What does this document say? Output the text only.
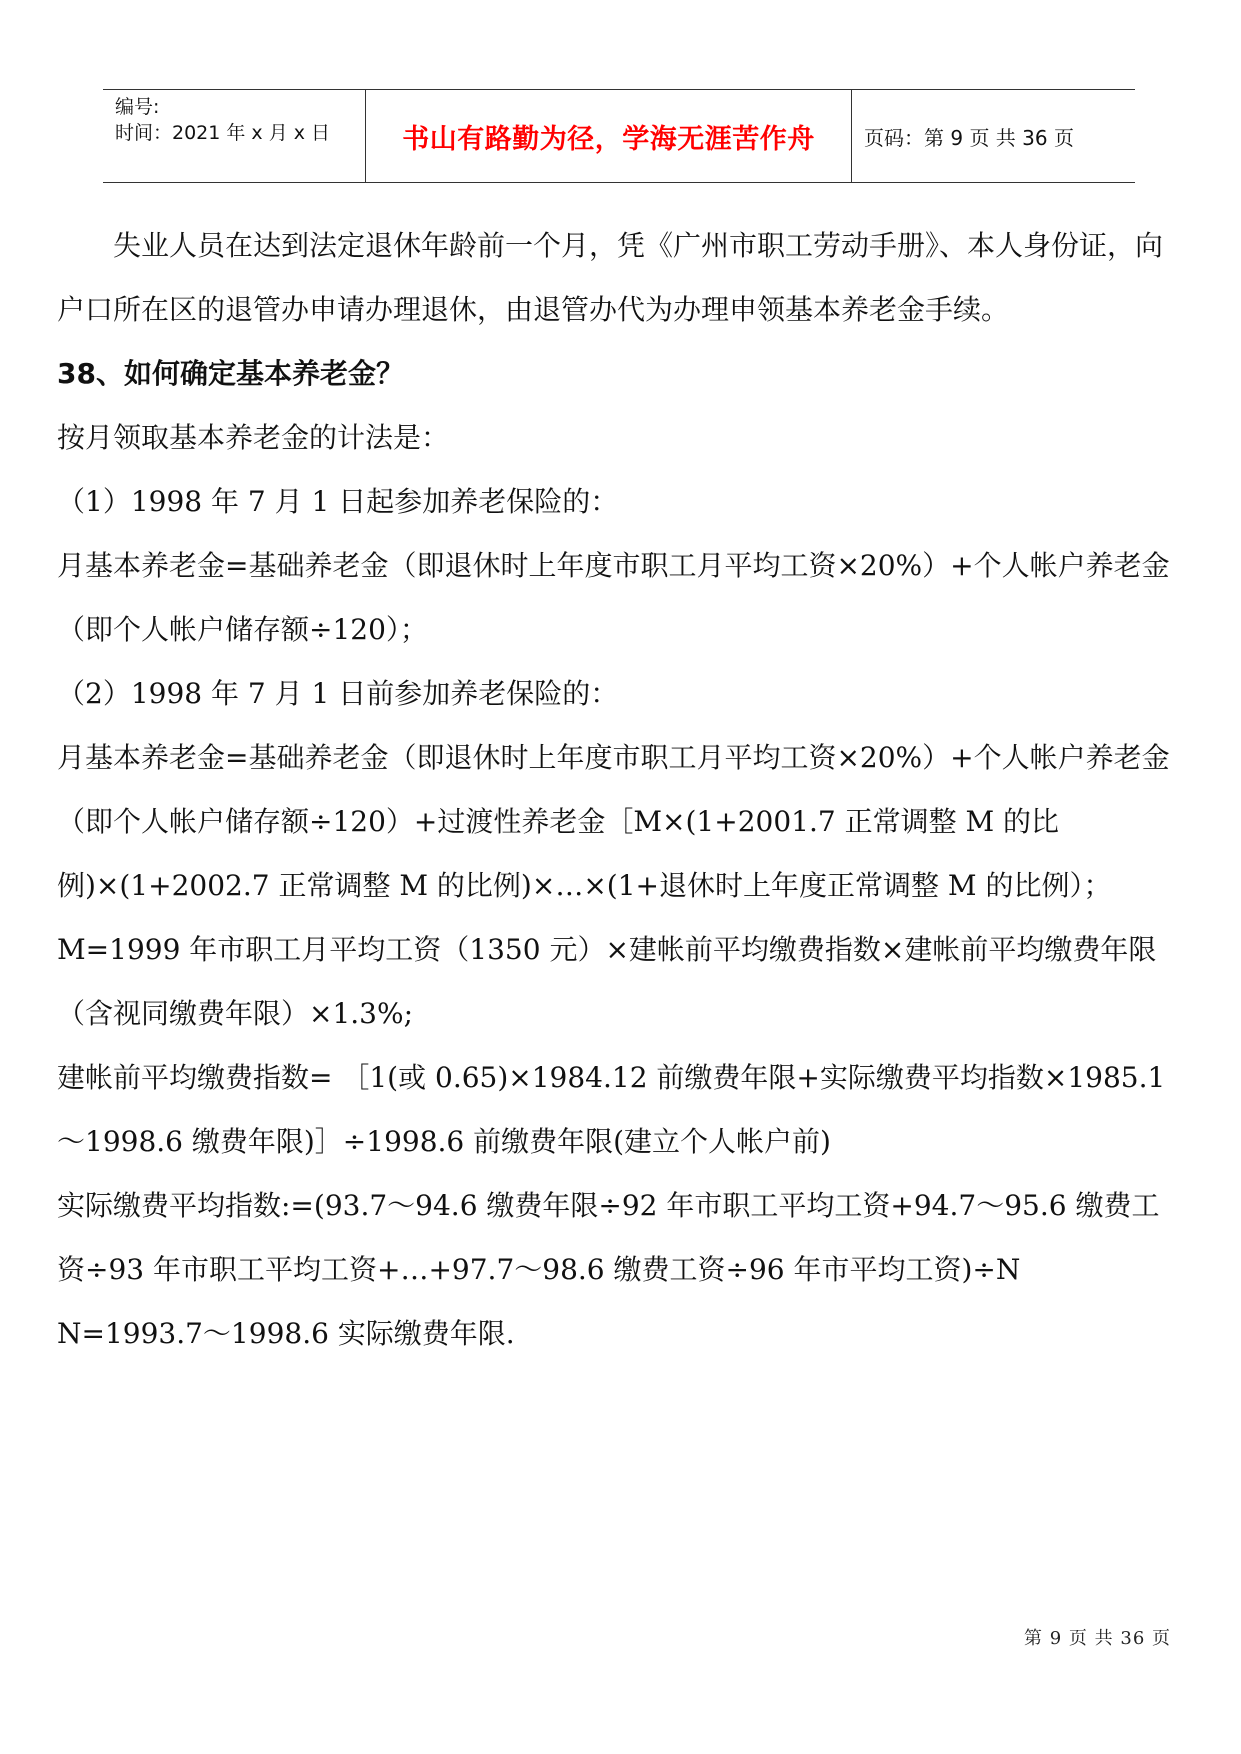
编号:
时间：2021 年 x 月 x 日	书山有路勤为径，学海无涯苦作舟	页码：第 9 页 共 36 页

失业人员在达到法定退休年龄前一个月，凭《广州市职工劳动手册》、本人身份证，向户口所在区的退管办申请办理退休，由退管办代为办理申领基本养老金手续。

38、如何确定基本养老金？

按月领取基本养老金的计法是：

（1）1998 年 7 月 1 日起参加养老保险的：

月基本养老金=基础养老金（即退休时上年度市职工月平均工资×20%）+个人帐户养老金（即个人帐户储存额÷120）；

（2）1998 年 7 月 1 日前参加养老保险的：

月基本养老金=基础养老金（即退休时上年度市职工月平均工资×20%）+个人帐户养老金（即个人帐户储存额÷120）+过渡性养老金［M×(1+2001.7 正常调整 M 的比例)×(1+2002.7 正常调整 M 的比例)×…×(1+退休时上年度正常调整 M 的比例）；

M=1999 年市职工月平均工资（1350 元）×建帐前平均缴费指数×建帐前平均缴费年限（含视同缴费年限）×1.3%;

建帐前平均缴费指数= ［1(或 0.65)×1984.12 前缴费年限+实际缴费平均指数×1985.1～1998.6 缴费年限)］÷1998.6 前缴费年限(建立个人帐户前)

实际缴费平均指数:=(93.7～94.6 缴费年限÷92 年市职工平均工资+94.7～95.6 缴费工资÷93 年市职工平均工资+…+97.7～98.6 缴费工资÷96 年市平均工资)÷N

N=1993.7～1998.6 实际缴费年限.

第 9 页 共 36 页
